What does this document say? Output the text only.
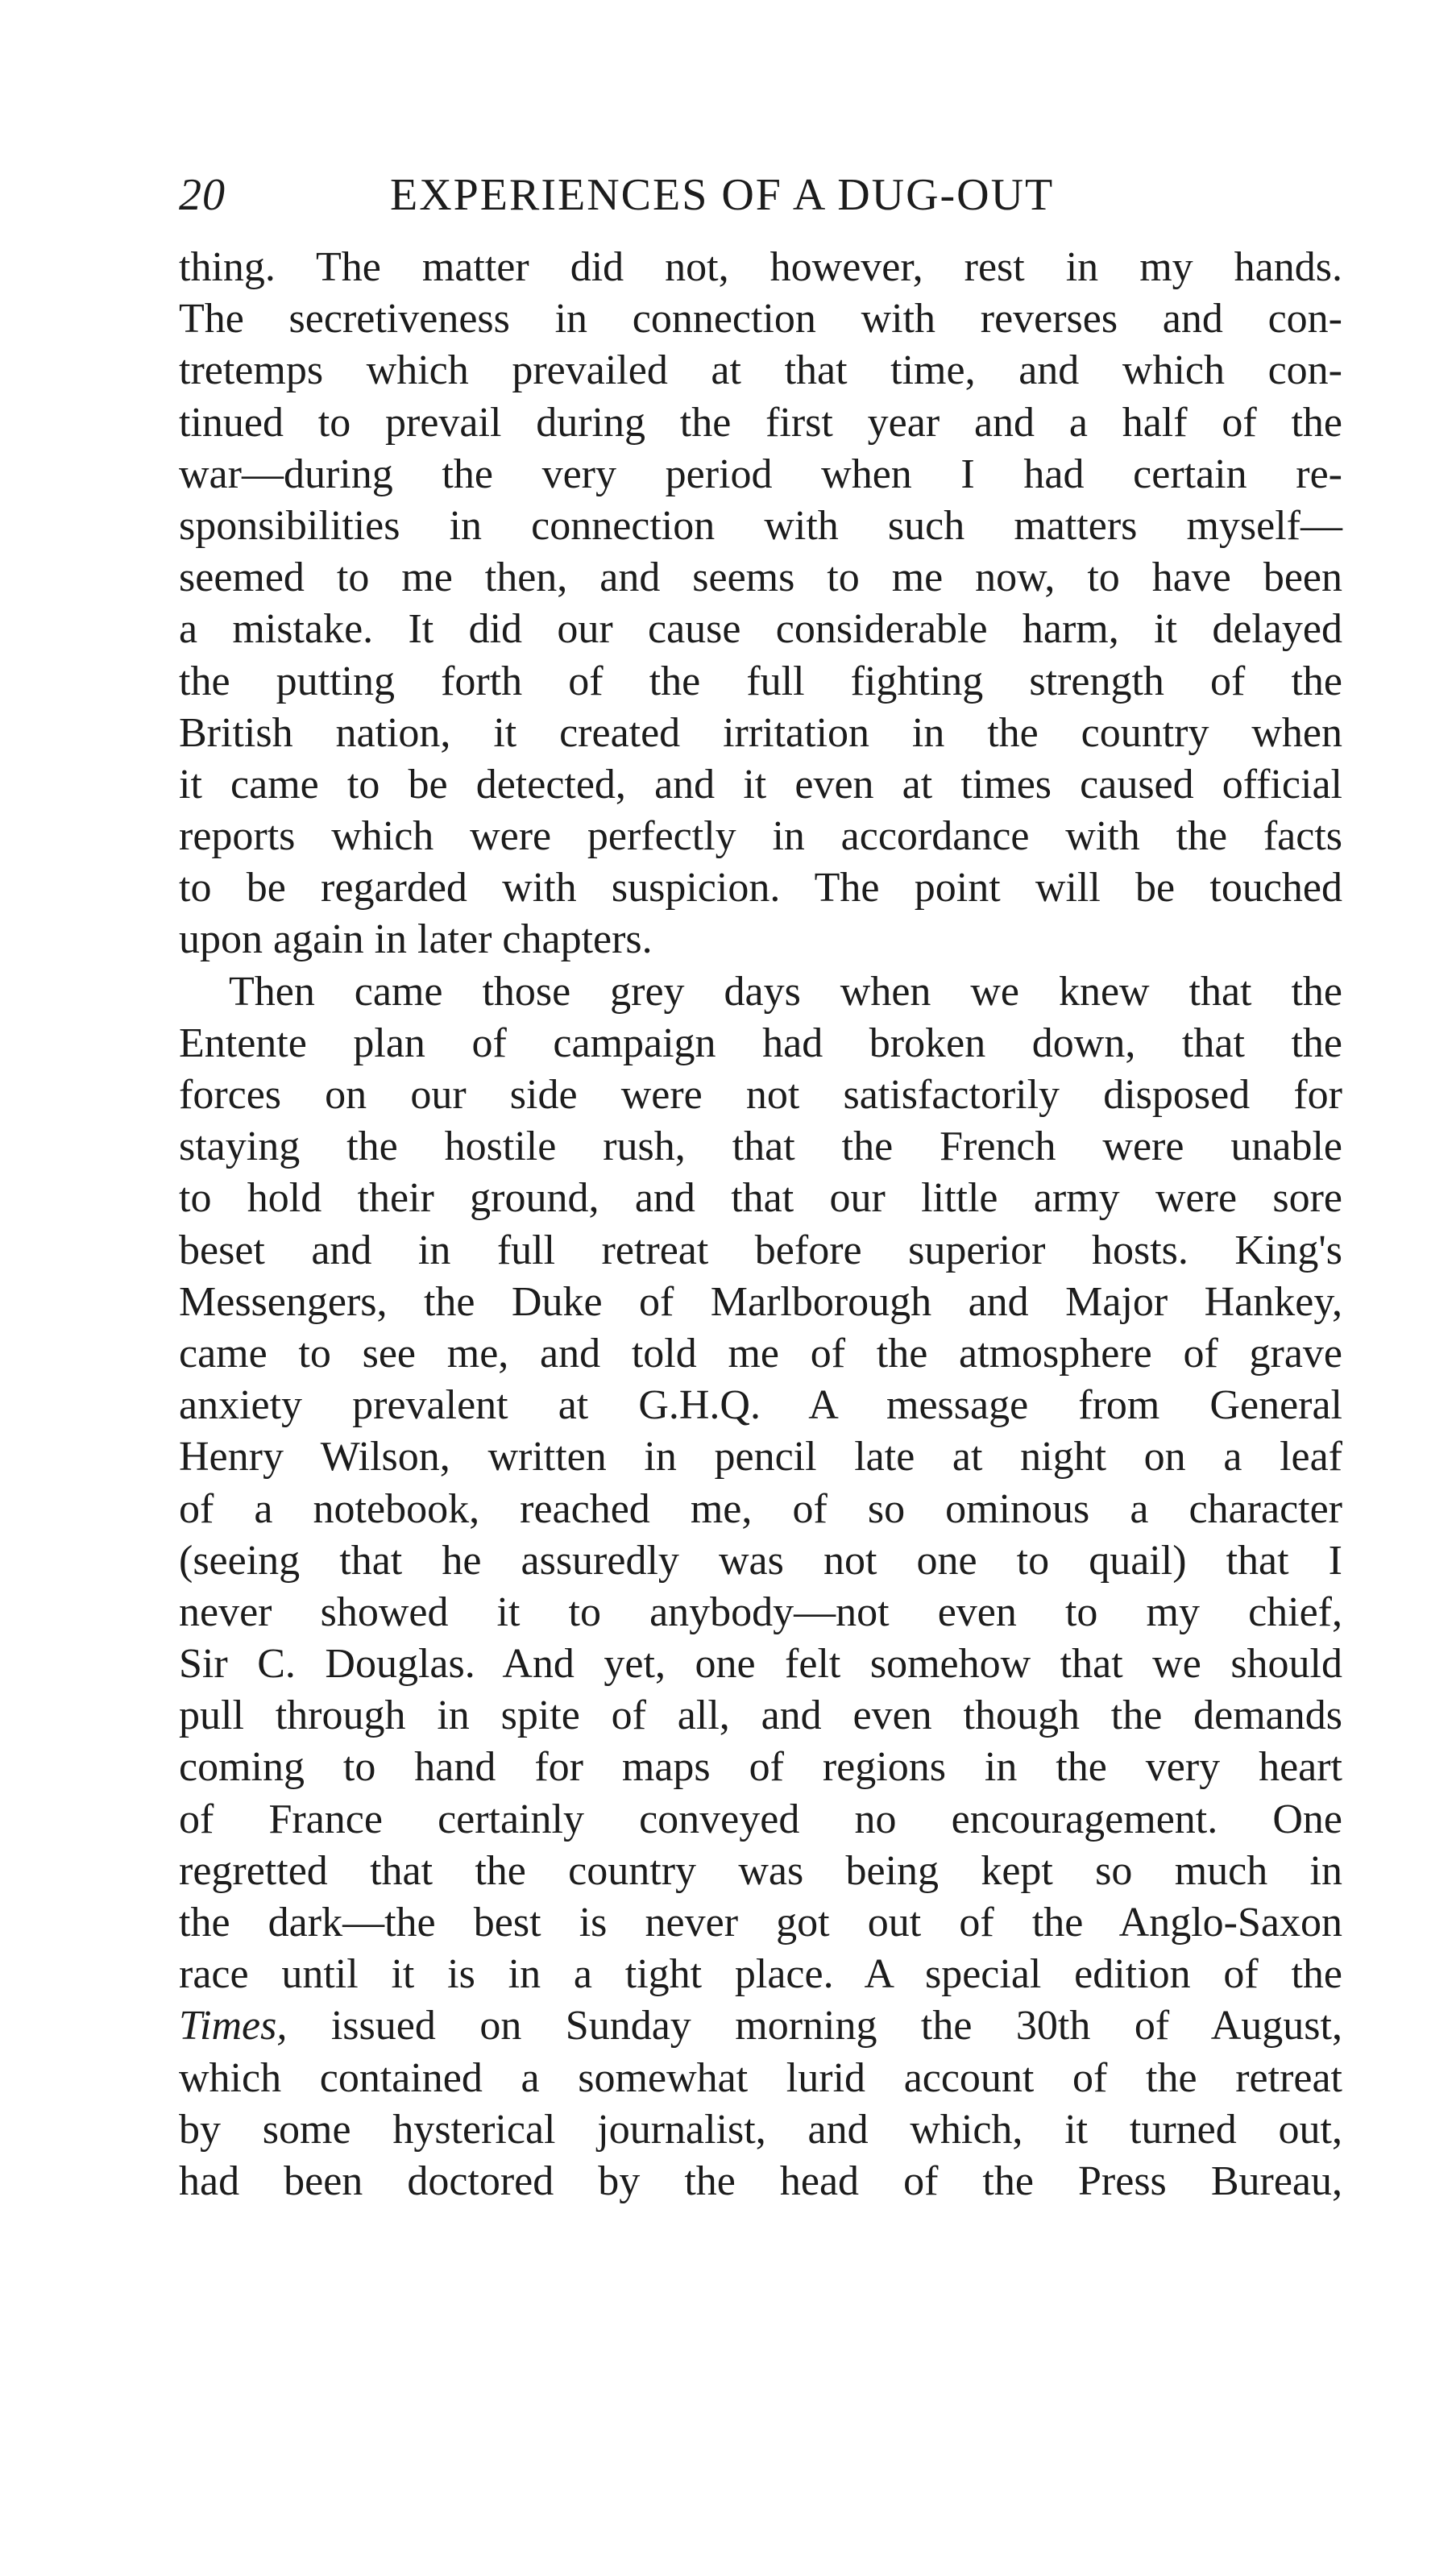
20	EXPERIENCES OF A DUG-OUT
thing. The matter did not, however, rest in my hands.
The secretiveness in connection with reverses and con-
tretemps which prevailed at that time, and which con-
tinued to prevail during the first year and a half of the
war—during the very period when I had certain re-
sponsibilities in connection with such matters myself—
seemed to me then, and seems to me now, to have been
a mistake. It did our cause considerable harm, it delayed
the putting forth of the full fighting strength of the
British nation, it created irritation in the country when
it came to be detected, and it even at times caused official
reports which were perfectly in accordance with the facts
to be regarded with suspicion. The point will be touched
upon again in later chapters.
Then came those grey days when we knew that the
Entente plan of campaign had broken down, that the
forces on our side were not satisfactorily disposed for
staying the hostile rush, that the French were unable
to hold their ground, and that our little army were sore
beset and in full retreat before superior hosts. King's
Messengers, the Duke of Marlborough and Major Hankey,
came to see me, and told me of the atmosphere of grave
anxiety prevalent at G.H.Q. A message from General
Henry Wilson, written in pencil late at night on a leaf
of a notebook, reached me, of so ominous a character
(seeing that he assuredly was not one to quail) that I
never showed it to anybody—not even to my chief,
Sir C. Douglas. And yet, one felt somehow that we should
pull through in spite of all, and even though the demands
coming to hand for maps of regions in the very heart
of France certainly conveyed no encouragement. One
regretted that the country was being kept so much in
the dark—the best is never got out of the Anglo-Saxon
race until it is in a tight place. A special edition of the
Times, issued on Sunday morning the 30th of August,
which contained a somewhat lurid account of the retreat
by some hysterical journalist, and which, it turned out,
had been doctored by the head of the Press Bureau,
